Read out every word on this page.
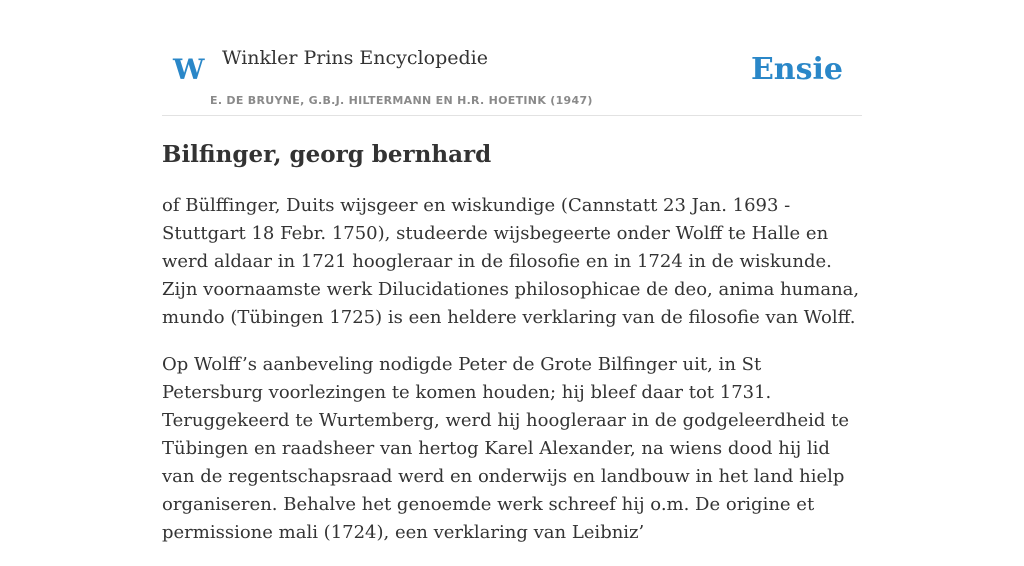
W Winkler Prins Encyclopedie
E. DE BRUYNE, G.B.J. HILTERMANN EN H.R. HOETINK (1947)
Ensie
Bilfinger, georg bernhard

of Bülffinger, Duits wijsgeer en wiskundige (Cannstatt 23 Jan. 1693 - Stuttgart 18 Febr. 1750), studeerde wijsbegeerte onder Wolff te Halle en werd aldaar in 1721 hoogleraar in de filosofie en in 1724 in de wiskunde. Zijn voornaamste werk Dilucidationes philosophicae de deo, anima humana, mundo (Tübingen 1725) is een heldere verklaring van de filosofie van Wolff.

Op Wolff’s aanbeveling nodigde Peter de Grote Bilfinger uit, in St Petersburg voorlezingen te komen houden; hij bleef daar tot 1731. Teruggekeerd te Wurtemberg, werd hij hoogleraar in de godgeleerdheid te Tübingen en raadsheer van hertog Karel Alexander, na wiens dood hij lid van de regentschapsraad werd en onderwijs en landbouw in het land hielp organiseren. Behalve het genoemde werk schreef hij o.m. De origine et permissione mali (1724), een verklaring van Leibniz’
